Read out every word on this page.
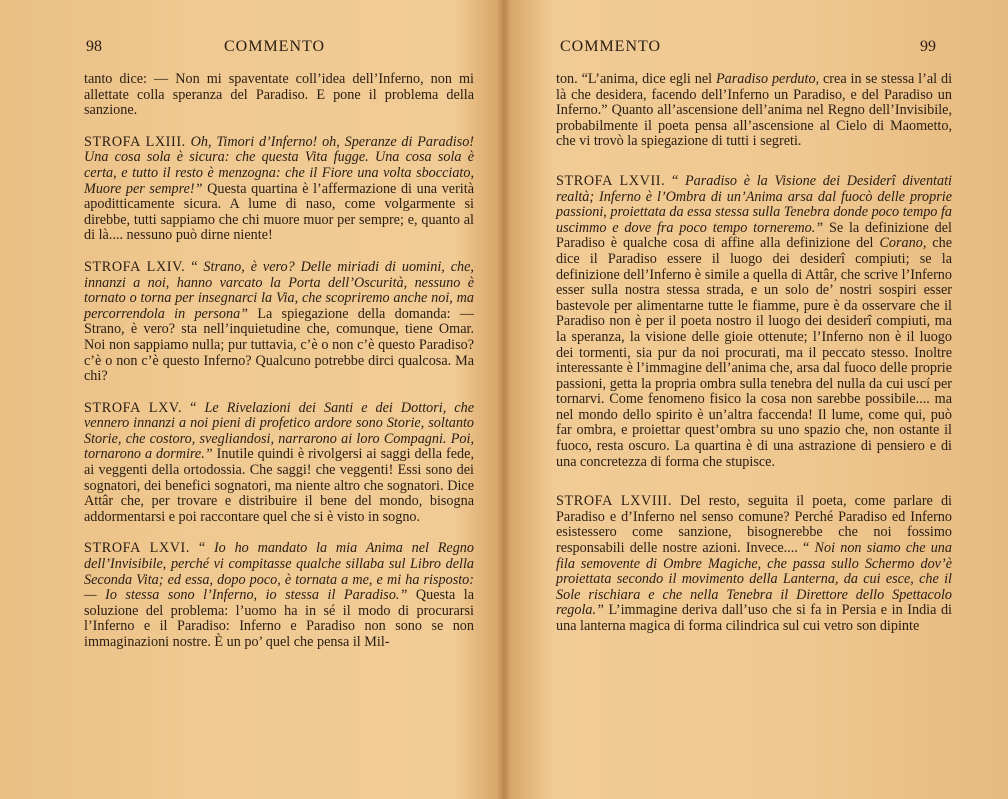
98	COMMENTO

tanto dice: — Non mi spaventate coll’idea dell’Inferno, non mi allettate colla speranza del Paradiso. E pone il problema della sanzione.

STROFA LXIII. Oh, Timori d’Inferno! oh, Speranze di Paradiso! Una cosa sola è sicura: che questa Vita fugge. Una cosa sola è certa, e tutto il resto è menzogna: che il Fiore una volta sbocciato, Muore per sempre!” Questa quartina è l’affermazione di una verità apoditticamente sicura. A lume di naso, come volgarmente si direbbe, tutti sappiamo che chi muore muor per sempre; e, quanto al di là.... nessuno può dirne niente!

STROFA LXIV. “ Strano, è vero? Delle miriadi di uomini, che, innanzi a noi, hanno varcato la Porta dell’Oscurità, nessuno è tornato o torna per insegnarci la Via, che scopriremo anche noi, ma percorrendola in persona” La spiegazione della domanda: — Strano, è vero? sta nell’inquietudine che, comunque, tiene Omar. Noi non sappiamo nulla; pur tuttavia, c’è o non c’è questo Paradiso? c’è o non c’è questo Inferno? Qualcuno potrebbe dirci qualcosa. Ma chi?

STROFA LXV. “ Le Rivelazioni dei Santi e dei Dottori, che vennero innanzi a noi pieni di profetico ardore sono Storie, soltanto Storie, che costoro, svegliandosi, narrarono ai loro Compagni. Poi, tornarono a dormire.” Inutile quindi è rivolgersi ai saggi della fede, ai veggenti della ortodossia. Che saggi! che veggenti! Essi sono dei sognatori, dei benefici sognatori, ma niente altro che sognatori. Dice Attâr che, per trovare e distribuire il bene del mondo, bisogna addormentarsi e poi raccontare quel che si è visto in sogno.

STROFA LXVI. “ Io ho mandato la mia Anima nel Regno dell’Invisibile, perché vi compitasse qualche sillaba sul Libro della Seconda Vita; ed essa, dopo poco, è tornata a me, e mi ha risposto: — Io stessa sono l’Inferno, io stessa il Paradiso.” Questa la soluzione del problema: l’uomo ha in sé il modo di procurarsi l’Inferno e il Paradiso: Inferno e Paradiso non sono se non immaginazioni nostre. È un po’ quel che pensa il Mil-

COMMENTO	99

ton. “L’anima, dice egli nel Paradiso perduto, crea in se stessa l’al di là che desidera, facendo dell’Inferno un Paradiso, e del Paradiso un Inferno.” Quanto all’ascensione dell’anima nel Regno dell’Invisibile, probabilmente il poeta pensa all’ascensione al Cielo di Maometto, che vi trovò la spiegazione di tutti i segreti.

STROFA LXVII. “ Paradiso è la Visione dei Desiderî diventati realtà; Inferno è l’Ombra di un’Anima arsa dal fuocò delle proprie passioni, proiettata da essa stessa sulla Tenebra donde poco tempo fa uscimmo e dove fra poco tempo torneremo.” Se la definizione del Paradiso è qualche cosa di affine alla definizione del Corano, che dice il Paradiso essere il luogo dei desiderî compiuti; se la definizione dell’Inferno è simile a quella di Attâr, che scrive l’Inferno esser sulla nostra stessa strada, e un solo de’ nostri sospiri esser bastevole per alimentarne tutte le fiamme, pure è da osservare che il Paradiso non è per il poeta nostro il luogo dei desiderî compiuti, ma la speranza, la visione delle gioie ottenute; l’Inferno non è il luogo dei tormenti, sia pur da noi procurati, ma il peccato stesso. Inoltre interessante è l’immagine dell’anima che, arsa dal fuoco delle proprie passioni, getta la propria ombra sulla tenebra del nulla da cui uscí per tornarvi. Come fenomeno fisico la cosa non sarebbe possibile.... ma nel mondo dello spirito è un’altra faccenda! Il lume, come qui, può far ombra, e proiettar quest’ombra su uno spazio che, non ostante il fuoco, resta oscuro. La quartina è di una astrazione di pensiero e di una concretezza di forma che stupisce.

STROFA LXVIII. Del resto, seguita il poeta, come parlare di Paradiso e d’Inferno nel senso comune? Perché Paradiso ed Inferno esistessero come sanzione, bisognerebbe che noi fossimo responsabili delle nostre azioni. Invece.... “ Noi non siamo che una fila semovente di Ombre Magiche, che passa sullo Schermo dov’è proiettata secondo il movimento della Lanterna, da cui esce, che il Sole rischiara e che nella Tenebra il Direttore dello Spettacolo regola.” L’immagine deriva dall’uso che si fa in Persia e in India di una lanterna magica di forma cilindrica sul cui vetro son dipinte
